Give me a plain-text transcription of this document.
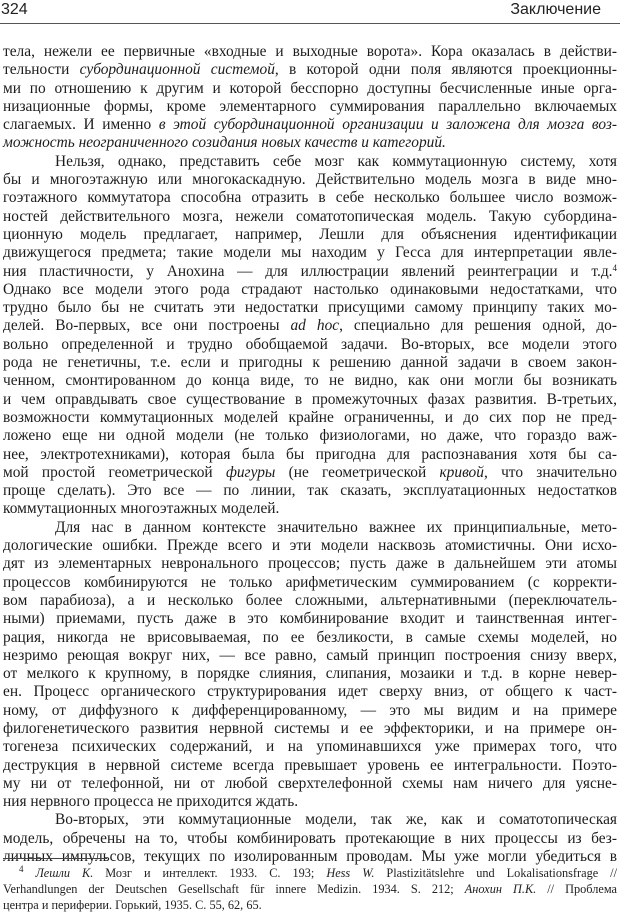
324	Заключение
тела, нежели ее первичные «входные и выходные ворота». Кора оказалась в действи-
тельности субординационной системой, в которой одни поля являются проекционны-
ми по отношению к другим и которой бесспорно доступны бесчисленные иные орга-
низационные формы, кроме элементарного суммирования параллельно включаемых
слагаемых. И именно в этой субординационной организации и заложена для мозга воз-
можность неограниченного созидания новых качеств и категорий.
Нельзя, однако, представить себе мозг как коммутационную систему, хотя
бы и многоэтажную или многокаскадную. Действительно модель мозга в виде мно-
гоэтажного коммутатора способна отразить в себе несколько большее число возмож-
ностей действительного мозга, нежели соматотопическая модель. Такую субордина-
ционную модель предлагает, например, Лешли для объяснения идентификации
движущегося предмета; такие модели мы находим у Гесса для интерпретации явле-
ния пластичности, у Анохина — для иллюстрации явлений реинтеграции и т.д.$^4$
Однако все модели этого рода страдают настолько одинаковыми недостатками, что
трудно было бы не считать эти недостатки присущими самому принципу таких мо-
делей. Во-первых, все они построены ad hoc, специально для решения одной, до-
вольно определенной и трудно обобщаемой задачи. Во-вторых, все модели этого
рода не генетичны, т.е. если и пригодны к решению данной задачи в своем закон-
ченном, смонтированном до конца виде, то не видно, как они могли бы возникать
и чем оправдывать свое существование в промежуточных фазах развития. В-третьих,
возможности коммутационных моделей крайне ограниченны, и до сих пор не пред-
ложено еще ни одной модели (не только физиологами, но даже, что гораздо важ-
нее, электротехниками), которая была бы пригодна для распознавания хотя бы са-
мой простой геометрической фигуры (не геометрической кривой, что значительно
проще сделать). Это все — по линии, так сказать, эксплуатационных недостатков
коммутационных многоэтажных моделей.
Для нас в данном контексте значительно важнее их принципиальные, мето-
дологические ошибки. Прежде всего и эти модели насквозь атомистичны. Они исхо-
дят из элементарных невронального процессов; пусть даже в дальнейшем эти атомы
процессов комбинируются не только арифметическим суммированием (с корректи-
вом парабиоза), а и несколько более сложными, альтернативными (переключатель-
ными) приемами, пусть даже в это комбинирование входит и таинственная интег-
рация, никогда не врисовываемая, по ее безликости, в самые схемы моделей, но
незримо реющая вокруг них, — все равно, самый принцип построения снизу вверх,
от мелкого к крупному, в порядке слияния, слипания, мозаики и т.д. в корне невер-
ен. Процесс органического структурирования идет сверху вниз, от общего к част-
ному, от диффузного к дифференцированному, — это мы видим и на примере
филогенетического развития нервной системы и ее эффекторики, и на примере он-
тогенеза психических содержаний, и на упоминавшихся уже примерах того, что
деструкция в нервной системе всегда превышает уровень ее интегральности. Поэто-
му ни от телефонной, ни от любой сверхтелефонной схемы нам ничего для уясне-
ния нервного процесса не приходится ждать.
Во-вторых, эти коммутационные модели, так же, как и соматотопическая
модель, обречены на то, чтобы комбинировать протекающие в них процессы из без-
личных импульсов, текущих по изолированным проводам. Мы уже могли убедиться в
$^4$ Лешли К. Мозг и интеллект. 1933. С. 193; Hess W. Plastizitätslehre und Lokalisationsfrage //
Verhandlungen der Deutschen Gesellschaft für innere Medizin. 1934. S. 212; Анохин П.К. // Проблема
центра и периферии. Горький, 1935. С. 55, 62, 65.
